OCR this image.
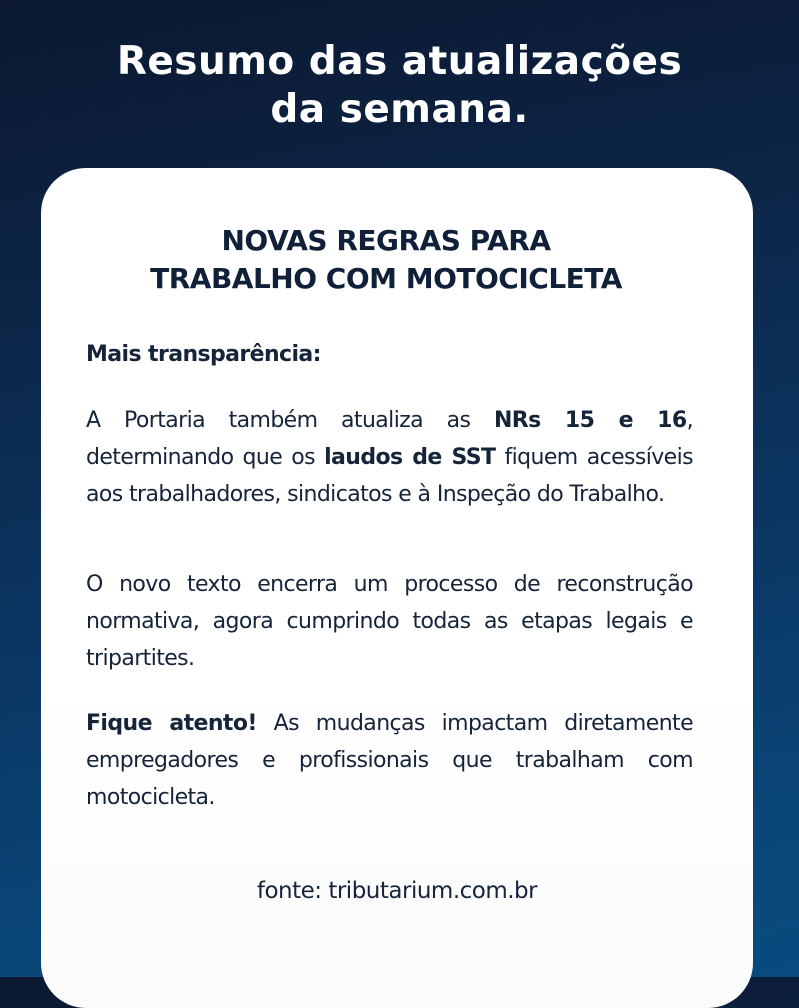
Resumo das atualizações
da semana.
NOVAS REGRAS PARA
TRABALHO COM MOTOCICLETA
Mais transparência:
A Portaria também atualiza as NRs 15 e 16, determinando que os laudos de SST fiquem acessíveis aos trabalhadores, sindicatos e à Inspeção do Trabalho.
O novo texto encerra um processo de reconstrução normativa, agora cumprindo todas as etapas legais e tripartites.
Fique atento! As mudanças impactam diretamente empregadores e profissionais que trabalham com motocicleta.
fonte: tributarium.com.br
